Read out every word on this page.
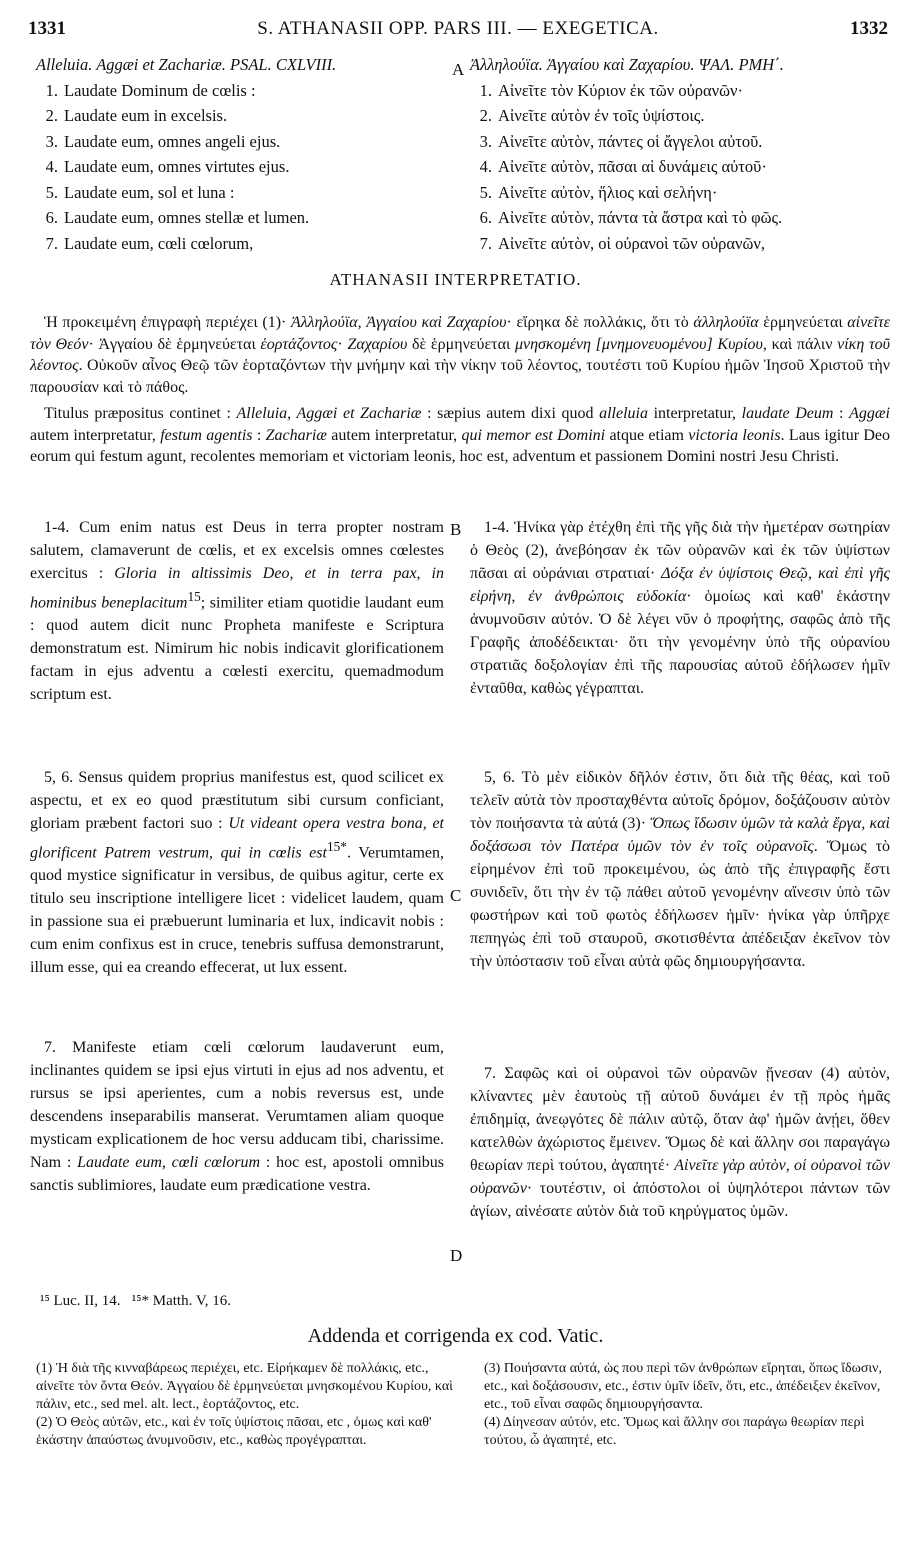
1331	S. ATHANASII OPP. PARS III. — EXEGETICA.	1332
Alleluia. Aggæi et Zachariæ. PSAL. CXLVIII.
1. Laudate Dominum de cœlis :
2. Laudate eum in excelsis.
3. Laudate eum, omnes angeli ejus.
4. Laudate eum, omnes virtutes ejus.
5. Laudate eum, sol et luna :
6. Laudate eum, omnes stellæ et lumen.
7. Laudate eum, cœli cœlorum,
A Ἀλληλούϊα. Ἀγγαίου καὶ Ζαχαρίου. ΨΑΛ. ΡΜΗ΄.
1. Αἰνεῖτε τὸν Κύριον ἐκ τῶν οὐρανῶν·
2. Αἰνεῖτε αὐτὸν ἐν τοῖς ὑψίστοις.
3. Αἰνεῖτε αὐτὸν, πάντες οἱ ἄγγελοι αὐτοῦ.
4. Αἰνεῖτε αὐτὸν, πᾶσαι αἱ δυνάμεις αὐτοῦ·
5. Αἰνεῖτε αὐτὸν, ἥλιος καὶ σελήνη·
6. Αἰνεῖτε αὐτὸν, πάντα τὰ ἄστρα καὶ τὸ φῶς.
7. Αἰνεῖτε αὐτὸν, οἱ οὐρανοὶ τῶν οὐρανῶν,
ATHANASII INTERPRETATIO.

Ἡ προκειμένη ἐπιγραφὴ περιέχει (1)· Ἀλληλούϊα, Ἀγγαίου καὶ Ζαχαρίου· εἴρηκα δὲ πολλάκις, ὅτι τὸ ἀλληλούϊα ἑρμηνεύεται αἰνεῖτε τὸν Θεόν· Ἀγγαίου δὲ ἑρμηνεύεται ἑορτάζοντος· Ζαχαρίου δὲ ἑρμηνεύεται μνησκομένη [μνημονευομένου] Κυρίου, καὶ πάλιν νίκη τοῦ λέοντος. Οὐκοῦν αἶνος Θεῷ τῶν ἑορταζόντων τὴν μνήμην καὶ τὴν νίκην τοῦ λέοντος, τουτέστι τοῦ Κυρίου ἡμῶν Ἰησοῦ Χριστοῦ τὴν παρουσίαν καὶ τὸ πάθος.

Titulus præpositus continet : Alleluia, Aggæi et Zachariæ : sæpius autem dixi quod alleluia interpretatur, laudate Deum : Aggæi autem interpretatur, festum agentis : Zachariæ autem interpretatur, qui memor est Domini atque etiam victoria leonis. Laus igitur Deo eorum qui festum agunt, recolentes memoriam et victoriam leonis, hoc est, adventum et passionem Domini nostri Jesu Christi.

1-4. Cum enim natus est Deus in terra propter nostram salutem, clamaverunt de cœlis, et ex excelsis omnes cœlestes exercitus : Gloria in altissimis Deo, et in terra pax, in hominibus beneplacitum$^{15}$; similiter etiam quotidie laudant eum : quod autem dicit nunc Propheta manifeste e Scriptura demonstratum est. Nimirum hic nobis indicavit glorificationem factam in ejus adventu a cœlesti exercitu, quemadmodum scriptum est.

5, 6. Sensus quidem proprius manifestus est, quod scilicet ex aspectu, et ex eo quod præstitutum sibi cursum conficiant, gloriam præbent factori suo : Ut videant opera vestra bona, et glorificent Patrem vestrum, qui in cœlis est$^{15*}$. Verumtamen, quod mystice significatur in versibus, de quibus agitur, certe ex titulo seu inscriptione intelligere licet : videlicet laudem, quam in passione sua ei præbuerunt luminaria et lux, indicavit nobis : cum enim confixus est in cruce, tenebris suffusa demonstrarunt, illum esse, qui ea creando effecerat, ut lux essent.

7. Manifeste etiam cœli cœlorum laudaverunt eum, inclinantes quidem se ipsi ejus virtuti in ejus ad nos adventu, et rursus se ipsi aperientes, cum a nobis reversus est, unde descendens inseparabilis manserat. Verumtamen aliam quoque mysticam explicationem de hoc versu adducam tibi, charissime. Nam : Laudate eum, cœli cœlorum : hoc est, apostoli omnibus sanctis sublimiores, laudate eum prædicatione vestra.

B
C
D

1-4. Ἡνίκα γὰρ ἐτέχθη ἐπὶ τῆς γῆς διὰ τὴν ἡμετέραν σωτηρίαν ὁ Θεὸς (2), ἀνεβόησαν ἐκ τῶν οὐρανῶν καὶ ἐκ τῶν ὑψίστων πᾶσαι αἱ οὐράνιαι στρατιαί· Δόξα ἐν ὑψίστοις Θεῷ, καὶ ἐπὶ γῆς εἰρήνη, ἐν ἀνθρώποις εὐδοκία· ὁμοίως καὶ καθ' ἑκάστην ἀνυμνοῦσιν αὐτόν. Ὁ δὲ λέγει νῦν ὁ προφήτης, σαφῶς ἀπὸ τῆς Γραφῆς ἀποδέδεικται· ὅτι τὴν γενομένην ὑπὸ τῆς οὐρανίου στρατιᾶς δοξολογίαν ἐπὶ τῆς παρουσίας αὐτοῦ ἐδήλωσεν ἡμῖν ἐνταῦθα, καθὼς γέγραπται.

5, 6. Τὸ μὲν εἰδικὸν δῆλόν ἐστιν, ὅτι διὰ τῆς θέας, καὶ τοῦ τελεῖν αὐτὰ τὸν προσταχθέντα αὐτοῖς δρόμον, δοξάζουσιν αὐτὸν τὸν ποιήσαντα τὰ αὐτά (3)· Ὅπως ἴδωσιν ὑμῶν τὰ καλὰ ἔργα, καὶ δοξάσωσι τὸν Πατέρα ὑμῶν τὸν ἐν τοῖς οὐρανοῖς. Ὅμως τὸ εἰρημένον ἐπὶ τοῦ προκειμένου, ὡς ἀπὸ τῆς ἐπιγραφῆς ἔστι συνιδεῖν, ὅτι τὴν ἐν τῷ πάθει αὐτοῦ γενομένην αἴνεσιν ὑπὸ τῶν φωστήρων καὶ τοῦ φωτὸς ἐδήλωσεν ἡμῖν· ἡνίκα γὰρ ὑπῆρχε πεπηγὼς ἐπὶ τοῦ σταυροῦ, σκοτισθέντα ἀπέδειξαν ἐκεῖνον τὸν τὴν ὑπόστασιν τοῦ εἶναι αὐτὰ φῶς δημιουργήσαντα.

7. Σαφῶς καὶ οἱ οὐρανοὶ τῶν οὐρανῶν ᾔνεσαν (4) αὐτὸν, κλίναντες μὲν ἑαυτοὺς τῇ αὐτοῦ δυνάμει ἐν τῇ πρὸς ἡμᾶς ἐπιδημίᾳ, ἀνεῳγότες δὲ πάλιν αὐτῷ, ὅταν ἀφ' ἡμῶν ἀνῄει, ὅθεν κατελθὼν ἀχώριστος ἔμεινεν. Ὅμως δὲ καὶ ἄλλην σοι παραγάγω θεωρίαν περὶ τούτου, ἀγαπητέ· Αἰνεῖτε γὰρ αὐτὸν, οἱ οὐρανοὶ τῶν οὐρανῶν· τουτέστιν, οἱ ἀπόστολοι οἱ ὑψηλότεροι πάντων τῶν ἁγίων, αἰνέσατε αὐτὸν διὰ τοῦ κηρύγματος ὑμῶν.

¹⁵ Luc. II, 14.   ¹⁵* Matth. V, 16.
Addenda et corrigenda ex cod. Vatic.

(1) Ἡ διὰ τῆς κινναβάρεως περιέχει, etc. Εἰρήκαμεν δὲ πολλάκις, etc., αἰνεῖτε τὸν ὄντα Θεόν. Ἀγγαίου δὲ ἑρμηνεύεται μνησκομένου Κυρίου, καὶ πάλιν, etc., sed mel. alt. lect., ἑορτάζοντος, etc.

(2) Ὁ Θεὸς αὐτῶν, etc., καὶ ἐν τοῖς ὑψίστοις πᾶσαι, etc , ὁμως καὶ καθ' ἑκάστην ἀπαύστως ἀνυμνοῦσιν, etc., καθὼς προγέγραπται.

(3) Ποιήσαντα αὐτά, ὡς που περὶ τῶν ἀνθρώπων εἴρηται, ὅπως ἴδωσιν, etc., καὶ δοξάσουσιν, etc., ἐστιν ὑμῖν ἰδεῖν, ὅτι, etc., ἀπέδειξεν ἐκεῖνον, etc., τοῦ εἶναι σαφῶς δημιουργήσαντα.

(4) Δίηνεσαν αὐτόν, etc. Ὅμως καὶ ἄλλην σοι παράγω θεωρίαν περὶ τούτου, ὦ ἀγαπητέ, etc.
